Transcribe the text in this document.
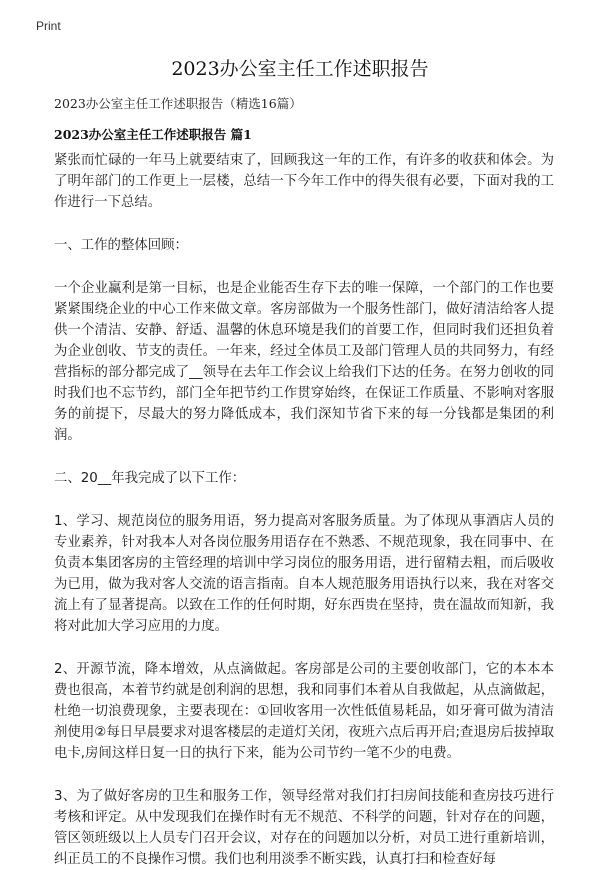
Print
2023办公室主任工作述职报告
2023办公室主任工作述职报告（精选16篇）
2023办公室主任工作述职报告 篇1

紧张而忙碌的一年马上就要结束了，回顾我这一年的工作，有许多的收获和体会。为了明年部门的工作更上一层楼，总结一下今年工作中的得失很有必要，下面对我的工作进行一下总结。

一、工作的整体回顾：

一个企业赢利是第一目标，也是企业能否生存下去的唯一保障，一个部门的工作也要紧紧围绕企业的中心工作来做文章。客房部做为一个服务性部门，做好清洁给客人提供一个清洁、安静、舒适、温馨的休息环境是我们的首要工作，但同时我们还担负着为企业创收、节支的责任。一年来，经过全体员工及部门管理人员的共同努力，有经营指标的部分都完成了__领导在去年工作会议上给我们下达的任务。在努力创收的同时我们也不忘节约，部门全年把节约工作贯穿始终，在保证工作质量、不影响对客服务的前提下，尽最大的努力降低成本，我们深知节省下来的每一分钱都是集团的利润。

二、20__年我完成了以下工作：

1、学习、规范岗位的服务用语，努力提高对客服务质量。为了体现从事酒店人员的专业素养，针对我本人对各岗位服务用语存在不熟悉、不规范现象，我在同事中、在负责本集团客房的主管经理的培训中学习岗位的服务用语，进行留精去粗，而后吸收为已用，做为我对客人交流的语言指南。自本人规范服务用语执行以来，我在对客交流上有了显著提高。以致在工作的任何时期，好东西贵在坚持，贵在温故而知新，我将对此加大学习应用的力度。

2、开源节流，降本增效，从点滴做起。客房部是公司的主要创收部门，它的本本本费也很高，本着节约就是创利润的思想，我和同事们本着从自我做起，从点滴做起，杜绝一切浪费现象，主要表现在：①回收客用一次性低值易耗品，如牙膏可做为清洁剂使用②每日早晨要求对退客楼层的走道灯关闭，夜班六点后再开启;查退房后拔掉取电卡,房间这样日复一日的执行下来，能为公司节约一笔不少的电费。

3、为了做好客房的卫生和服务工作，领导经常对我们打扫房间技能和查房技巧进行考核和评定。从中发现我们在操作时有无不规范、不科学的问题，针对存在的问题，管区领班级以上人员专门召开会议，对存在的问题加以分析，对员工进行重新培训，纠正员工的不良操作习惯。我们也利用淡季不断实践，认真打扫和检查好每
